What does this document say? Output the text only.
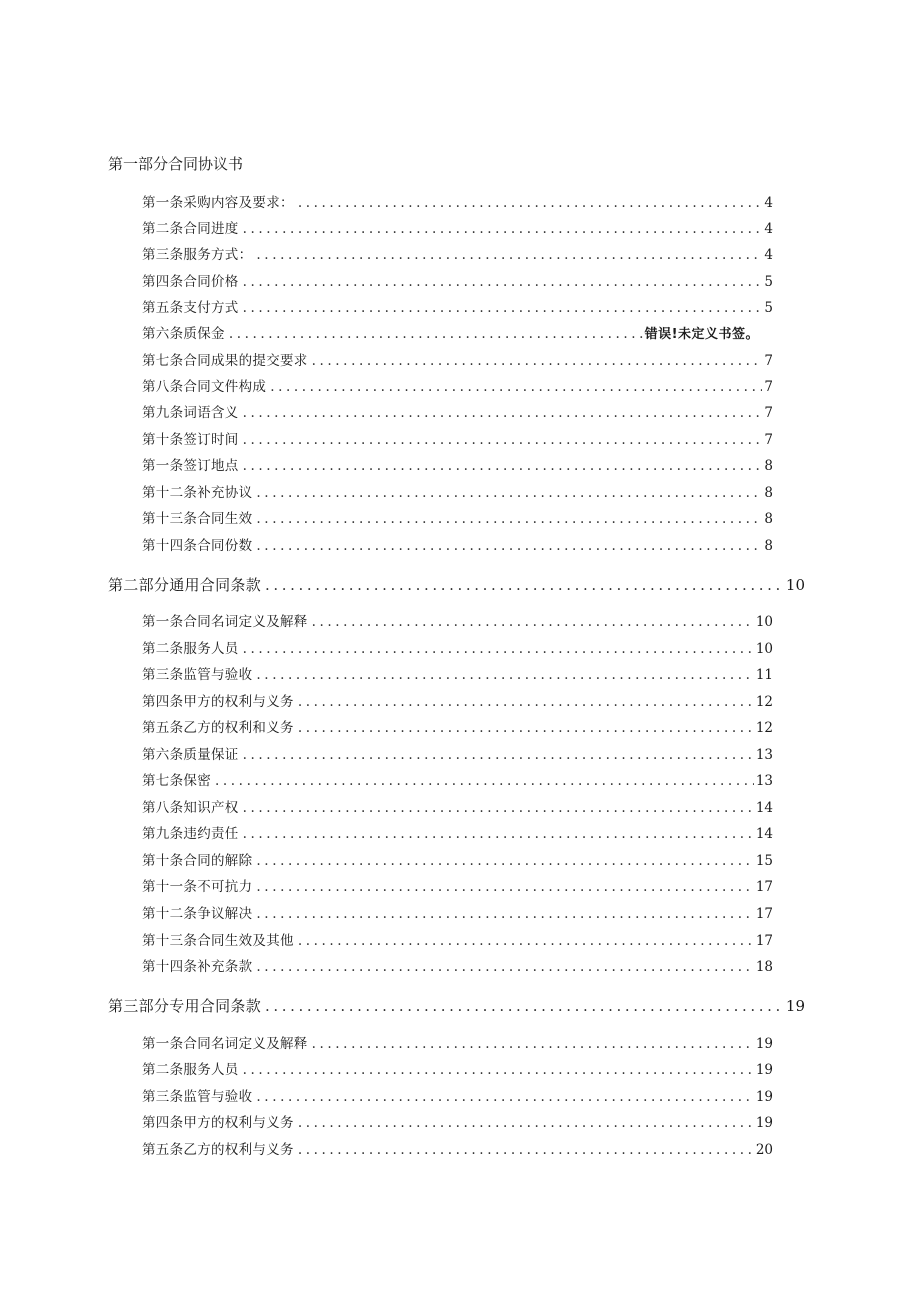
第一部分合同协议书
第一条采购内容及要求： .....	4
第二条合同进度 .....	4
第三条服务方式： .....	4
第四条合同价格 .....	5
第五条支付方式 .....	5
第六条质保金 .....	错误!未定义书签。
第七条合同成果的提交要求 .....	7
第八条合同文件构成 .....	7
第九条词语含义 .....	7
第十条签订时间 .....	7
第一条签订地点 .....	8
第十二条补充协议 .....	8
第十三条合同生效 .....	8
第十四条合同份数 .....	8
第二部分通用合同条款 .....	10
第一条合同名词定义及解释 .....	10
第二条服务人员 .....	10
第三条监管与验收 .....	11
第四条甲方的权利与义务 .....	12
第五条乙方的权利和义务 .....	12
第六条质量保证 .....	13
第七条保密 .....	13
第八条知识产权 .....	14
第九条违约责任 .....	14
第十条合同的解除 .....	15
第十一条不可抗力 .....	17
第十二条争议解决 .....	17
第十三条合同生效及其他 .....	17
第十四条补充条款 .....	18
第三部分专用合同条款 .....	19
第一条合同名词定义及解释 .....	19
第二条服务人员 .....	19
第三条监管与验收 .....	19
第四条甲方的权利与义务 .....	19
第五条乙方的权利与义务 .....	20
